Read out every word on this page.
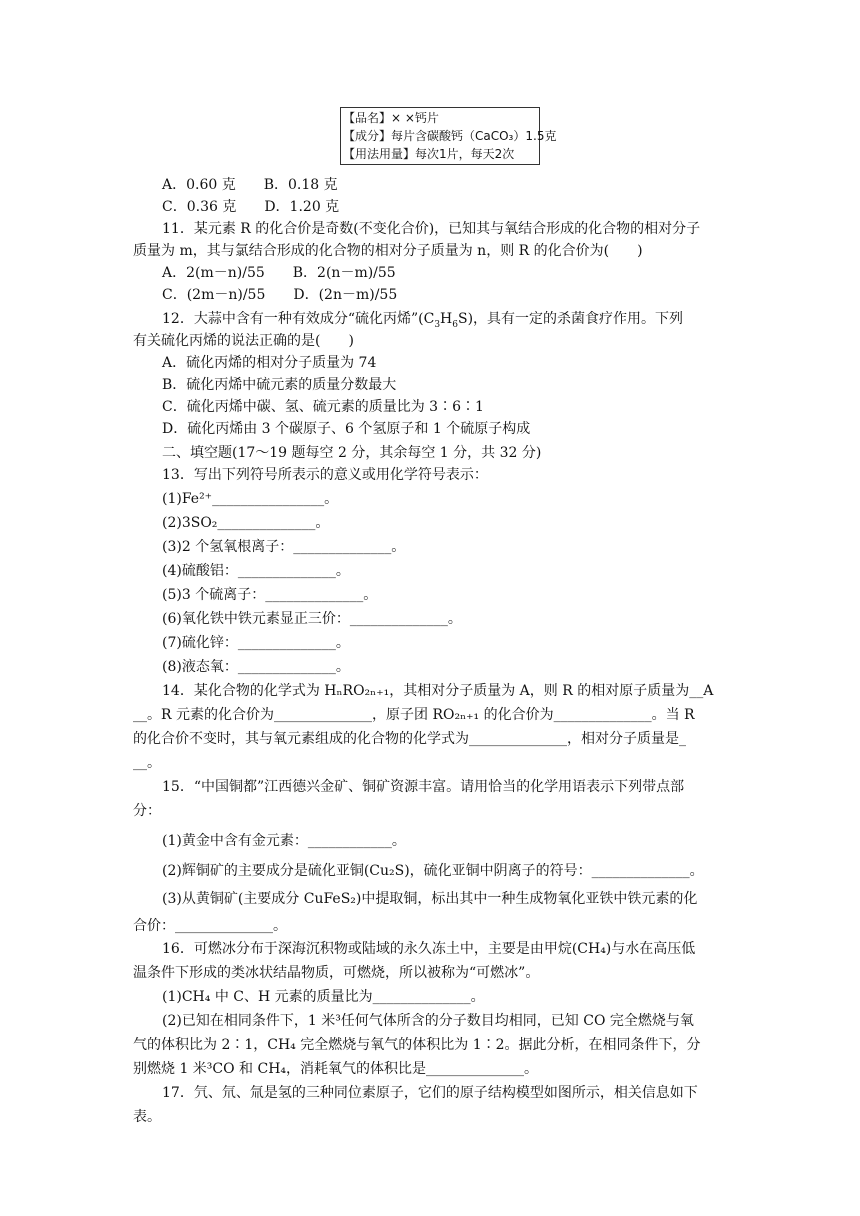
【品名】× ×钙片
【成分】每片含碳酸钙（CaCO₃）1.5克
【用法用量】每次1片，每天2次
A．0.60 克　　B．0.18 克
C．0.36 克　　D．1.20 克
11．某元素 R 的化合价是奇数(不变化合价)，已知其与氧结合形成的化合物的相对分子
质量为 m，其与氯结合形成的化合物的相对分子质量为 n，则 R 的化合价为(　　)
A．2(m－n)/55　　B．2(n－m)/55
C．(2m－n)/55　　D．(2n－m)/55
12．大蒜中含有一种有效成分“硫化丙烯$”(C_3H_6S)$，具有一定的杀菌食疗作用。下列
有关硫化丙烯的说法正确的是(　　)
A．硫化丙烯的相对分子质量为 74
B．硫化丙烯中硫元素的质量分数最大
C．硫化丙烯中碳、氢、硫元素的质量比为 3∶6∶1
D．硫化丙烯由 3 个碳原子、6 个氢原子和 1 个硫原子构成
二、填空题(17～19 题每空 2 分，其余每空 1 分，共 32 分)
13．写出下列符号所表示的意义或用化学符号表示：
(1)Fe²⁺________________。
(2)3SO₂______________。
(3)2 个氢氧根离子：______________。
(4)硫酸铝：______________。
(5)3 个硫离子：______________。
(6)氧化铁中铁元素显正三价：______________。
(7)硫化锌：______________。
(8)液态氧：______________。
14．某化合物的化学式为 HₙRO₂ₙ₊₁，其相对分子质量为 A，则 R 的相对原子质量为__A
__。R 元素的化合价为______________，原子团 RO₂ₙ₊₁ 的化合价为______________。当 R
的化合价不变时，其与氧元素组成的化合物的化学式为______________，相对分子质量是_
__。
15．“中国铜都”江西德兴金矿、铜矿资源丰富。请用恰当的化学用语表示下列带点部
分：
(1)黄金中含有金元素：____________。
(2)辉铜矿的主要成分是硫化亚铜(Cu₂S)，硫化亚铜中阴离子的符号：______________。
(3)从黄铜矿(主要成分 CuFeS₂)中提取铜，标出其中一种生成物氧化亚铁中铁元素的化
合价：______________。
16．可燃冰分布于深海沉积物或陆域的永久冻土中，主要是由甲烷(CH₄)与水在高压低
温条件下形成的类冰状结晶物质，可燃烧，所以被称为“可燃冰”。
(1)CH₄ 中 C、H 元素的质量比为______________。
(2)已知在相同条件下，1 米³任何气体所含的分子数目均相同，已知 CO 完全燃烧与氧
气的体积比为 2∶1，CH₄ 完全燃烧与氧气的体积比为 1∶2。据此分析，在相同条件下，分
别燃烧 1 米³CO 和 CH₄，消耗氧气的体积比是______________。
17．氕、氘、氚是氢的三种同位素原子，它们的原子结构模型如图所示，相关信息如下
表。
